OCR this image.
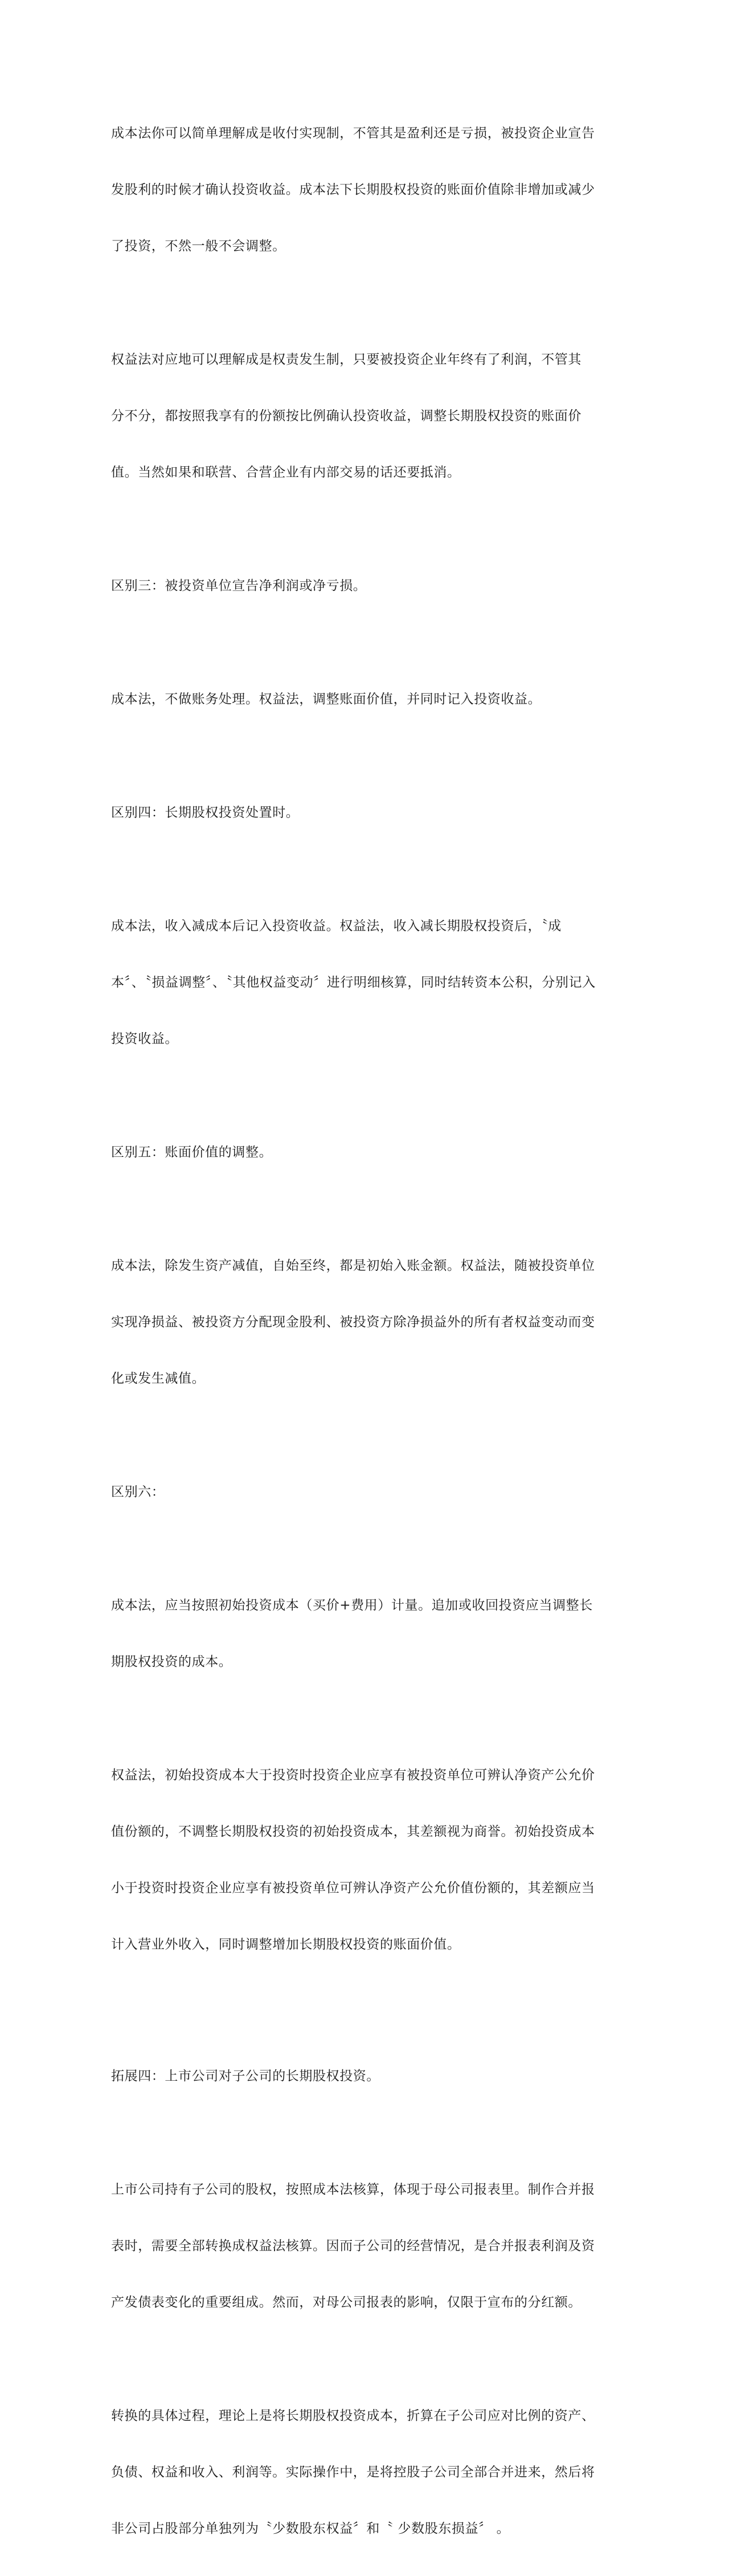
成本法你可以简单理解成是收付实现制，不管其是盈利还是亏损，被投资企业宣告

发股利的时候才确认投资收益。成本法下长期股权投资的账面价值除非增加或减少

了投资，不然一般不会调整。

权益法对应地可以理解成是权责发生制，只要被投资企业年终有了利润，不管其

分不分，都按照我享有的份额按比例确认投资收益，调整长期股权投资的账面价

值。当然如果和联营、合营企业有内部交易的话还要抵消。

区别三：被投资单位宣告净利润或净亏损。

成本法，不做账务处理。权益法，调整账面价值，并同时记入投资收益。

区别四：长期股权投资处置时。

成本法，收入减成本后记入投资收益。权益法，收入减长期股权投资后，〝成

本〞、〝损益调整〞、〝其他权益变动〞进行明细核算，同时结转资本公积，分别记入

投资收益。

区别五：账面价值的调整。

成本法，除发生资产减值，自始至终，都是初始入账金额。权益法，随被投资单位

实现净损益、被投资方分配现金股利、被投资方除净损益外的所有者权益变动而变

化或发生减值。

区别六：

成本法，应当按照初始投资成本（买价+费用）计量。追加或收回投资应当调整长

期股权投资的成本。

权益法，初始投资成本大于投资时投资企业应享有被投资单位可辨认净资产公允价

值份额的，不调整长期股权投资的初始投资成本，其差额视为商誉。初始投资成本

小于投资时投资企业应享有被投资单位可辨认净资产公允价值份额的，其差额应当

计入营业外收入，同时调整增加长期股权投资的账面价值。

拓展四：上市公司对子公司的长期股权投资。

上市公司持有子公司的股权，按照成本法核算，体现于母公司报表里。制作合并报

表时，需要全部转换成权益法核算。因而子公司的经营情况，是合并报表利润及资

产发债表变化的重要组成。然而，对母公司报表的影响，仅限于宣布的分红额。

转换的具体过程，理论上是将长期股权投资成本，折算在子公司应对比例的资产、

负债、权益和收入、利润等。实际操作中，是将控股子公司全部合并进来，然后将

非公司占股部分单独列为〝少数股东权益〞和〝 少数股东损益〞 。
